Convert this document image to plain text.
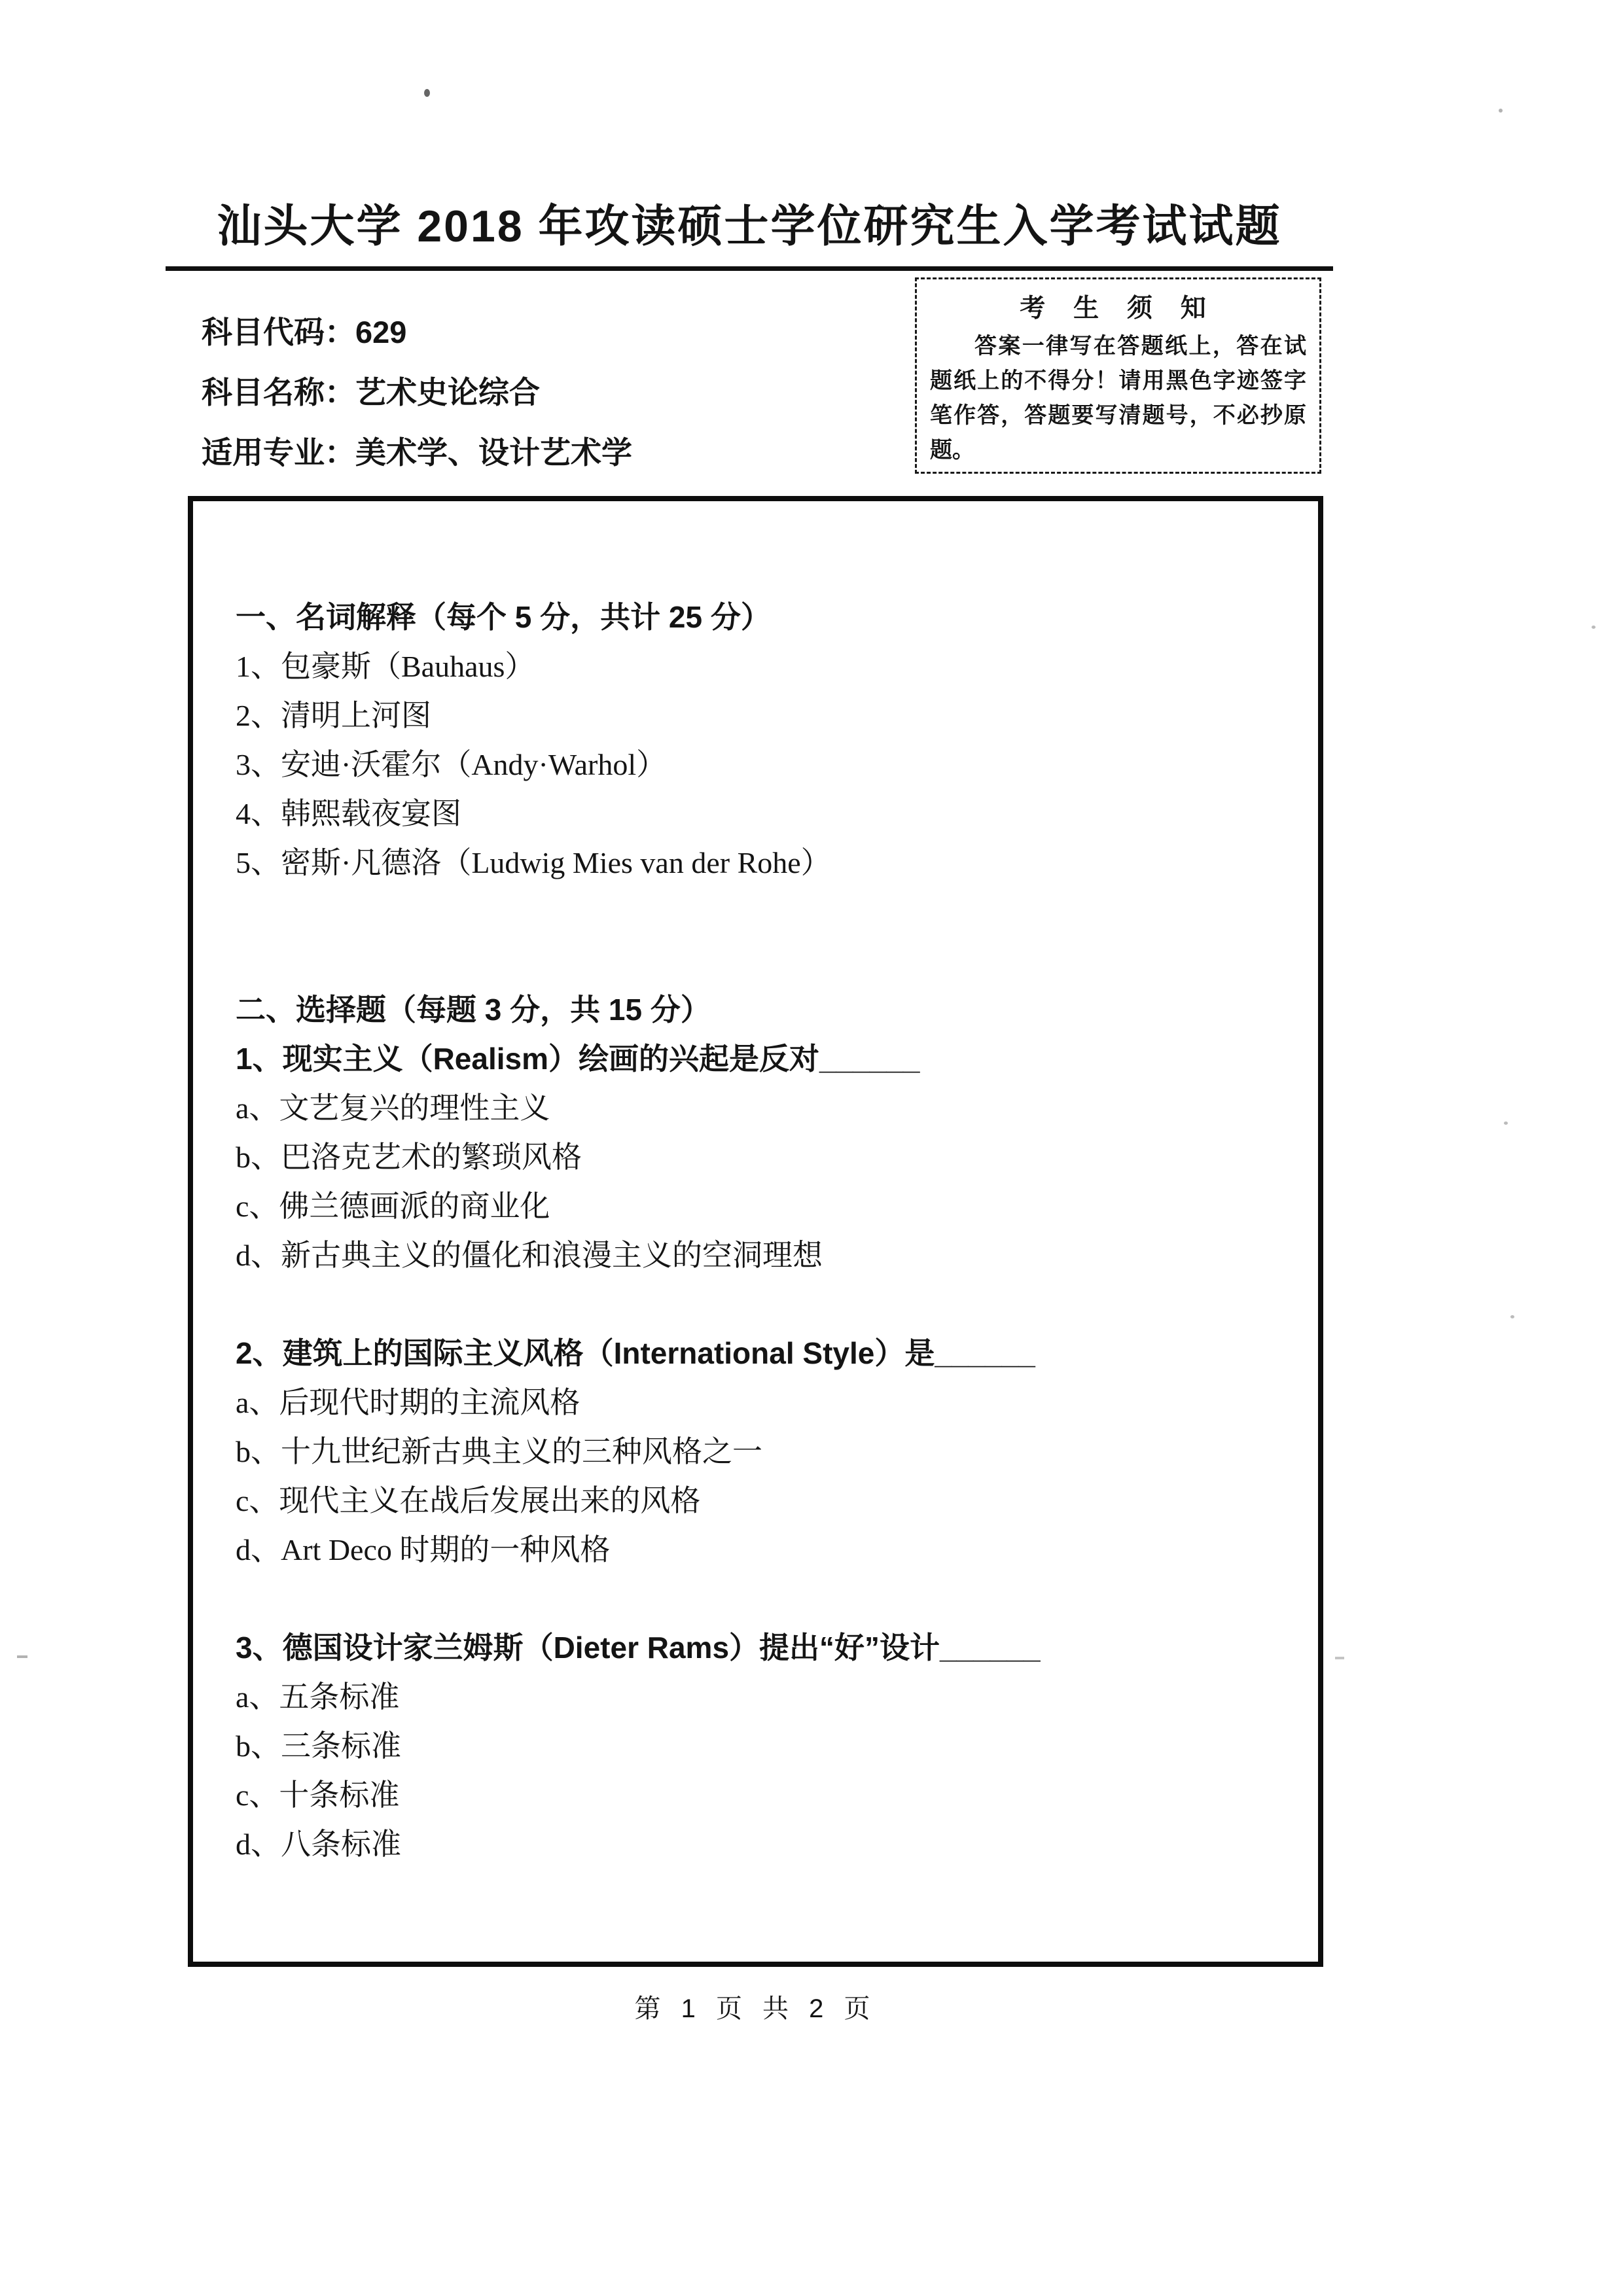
汕头大学 2018 年攻读硕士学位研究生入学考试试题
科目代码：629
科目名称：艺术史论综合
适用专业：美术学、设计艺术学
考 生 须 知
答案一律写在答题纸上，答在试题纸上的不得分！请用黑色字迹签字笔作答，答题要写清题号，不必抄原题。
一、名词解释（每个 5 分，共计 25 分）
1、包豪斯（Bauhaus）
2、清明上河图
3、安迪·沃霍尔（Andy·Warhol）
4、韩熙载夜宴图
5、密斯·凡德洛（Ludwig Mies van der Rohe）
二、选择题（每题 3 分，共 15 分）
1、现实主义（Realism）绘画的兴起是反对______
a、文艺复兴的理性主义
b、巴洛克艺术的繁琐风格
c、佛兰德画派的商业化
d、新古典主义的僵化和浪漫主义的空洞理想
2、建筑上的国际主义风格（International Style）是______
a、后现代时期的主流风格
b、十九世纪新古典主义的三种风格之一
c、现代主义在战后发展出来的风格
d、Art Deco 时期的一种风格
3、德国设计家兰姆斯（Dieter Rams）提出“好”设计______
a、五条标准
b、三条标准
c、十条标准
d、八条标准
第 1 页 共 2 页
